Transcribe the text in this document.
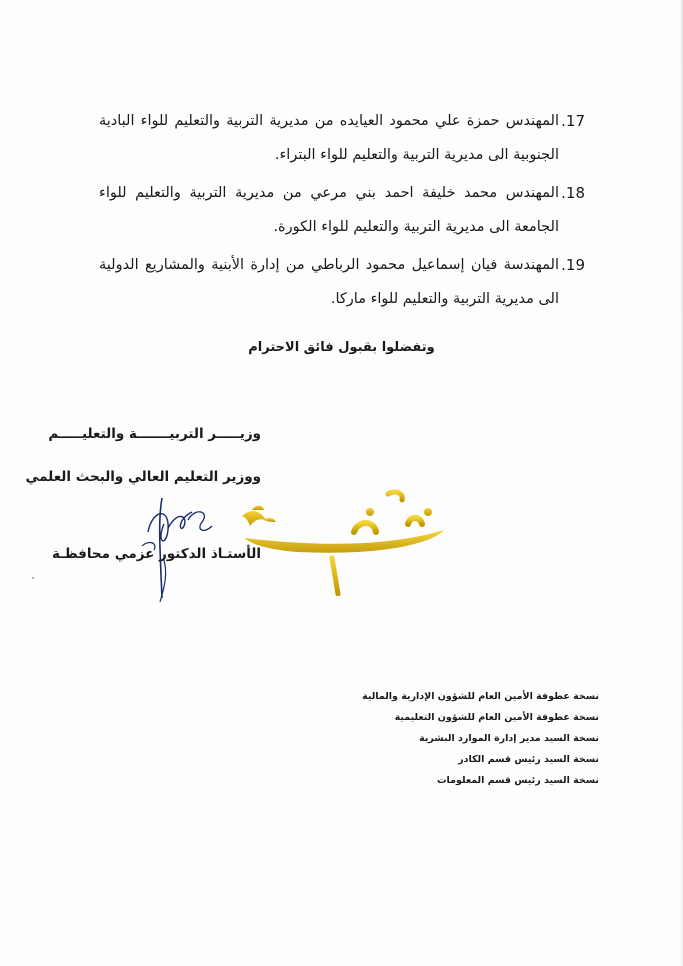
.17
المهندس حمزة علي محمود العيايده من مديرية التربية والتعليم للواء البادية الجنوبية الى مديرية التربية والتعليم للواء البتراء.
.18
المهندس محمد خليفة احمد بني مرعي من مديرية التربية والتعليم للواء الجامعة الى مديرية التربية والتعليم للواء الكورة.
.19
المهندسة فيان إسماعيل محمود الرباطي من إدارة الأبنية والمشاريع الدولية الى مديرية التربية والتعليم للواء ماركا.
وتفضلوا بقبول فائق الاحترام
وزيـــــر التربيـــــــة والتعليـــــم
ووزير التعليم العالي والبحث العلمي
الأستـاذ الدكتور عزمي محافظـة
نسخة عطوفة الأمين العام للشؤون الإدارية والمالية
نسخة عطوفة الأمين العام للشؤون التعليمية
نسخة السيد مدير إدارة الموارد البشرية
نسخة السيد رئيس قسم الكادر
نسخة السيد رئيس قسم المعلومات
